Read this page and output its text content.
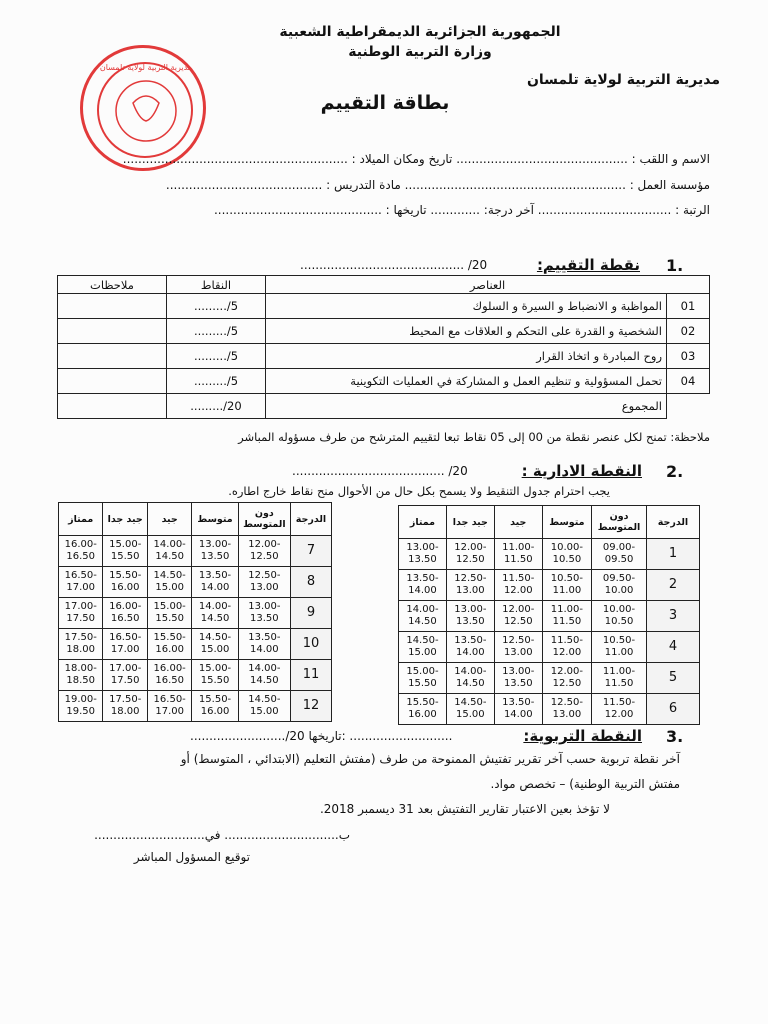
الجمهورية الجزائرية الديمقراطية الشعبية
وزارة التربية الوطنية
مديرية التربية لولاية تلمسان
بطاقة التقييم
مديرية التربية لولاية تلمسان
الاسم و اللقب : ............................................. تاريخ ومكان الميلاد : ...........................................................
مؤسسة العمل : .......................................................... مادة التدريس : .........................................
الرتبة : ................................... آخر درجة: ............. تاريخها : ............................................
1.
نقطة التقييم:
........................................... /20
ملاحظات	النقاط	العناصر	
	........./5	المواظبة و الانضباط و السيرة و السلوك	01
	........./5	الشخصية و القدرة على التحكم و العلاقات مع المحيط	02
	........./5	روح المبادرة و اتخاذ القرار	03
	........./5	تحمل المسؤولية و تنظيم العمل و المشاركة في العمليات التكوينية	04
	........./20	المجموع	
ملاحظة: تمنح لكل عنصر نقطة من 00 إلى 05 نقاط تبعا لتقييم المترشح من طرف مسؤوله المباشر
2.
النقطة الادارية :
........................................ /20
يجب احترام جدول التنقيط ولا يسمح بكل حال من الأحوال منح نقاط خارج اطاره.
ممتاز	جيد جدا	جيد	متوسط	دون المتوسط	الدرجة
16.00-16.50	15.00-15.50	14.00-14.50	13.00-13.50	12.00-12.50	7
16.50-17.00	15.50-16.00	14.50-15.00	13.50-14.00	12.50-13.00	8
17.00-17.50	16.00-16.50	15.00-15.50	14.00-14.50	13.00-13.50	9
17.50-18.00	16.50-17.00	15.50-16.00	14.50-15.00	13.50-14.00	10
18.00-18.50	17.00-17.50	16.00-16.50	15.00-15.50	14.00-14.50	11
19.00-19.50	17.50-18.00	16.50-17.00	15.50-16.00	14.50-15.00	12
ممتاز	جيد جدا	جيد	متوسط	دون المتوسط	الدرجة
13.00-13.50	12.00-12.50	11.00-11.50	10.00-10.50	09.00-09.50	1
13.50-14.00	12.50-13.00	11.50-12.00	10.50-11.00	09.50-10.00	2
14.00-14.50	13.00-13.50	12.00-12.50	11.00-11.50	10.00-10.50	3
14.50-15.00	13.50-14.00	12.50-13.00	11.50-12.00	10.50-11.00	4
15.00-15.50	14.00-14.50	13.00-13.50	12.00-12.50	11.00-11.50	5
15.50-16.00	14.50-15.00	13.50-14.00	12.50-13.00	11.50-12.00	6
3.
النقطة التربوية:
........................./20 تاريخها: ...........................
آخر نقطة تربوية حسب آخر تقرير تفتيش الممنوحة من طرف (مفتش التعليم (الابتدائي ، المتوسط) أو
مفتش التربية الوطنية) – تخصص مواد.
لا تؤخذ بعين الاعتبار تقارير التفتيش بعد 31 ديسمبر 2018.
ب.............................. في.............................
توقيع المسؤول المباشر
